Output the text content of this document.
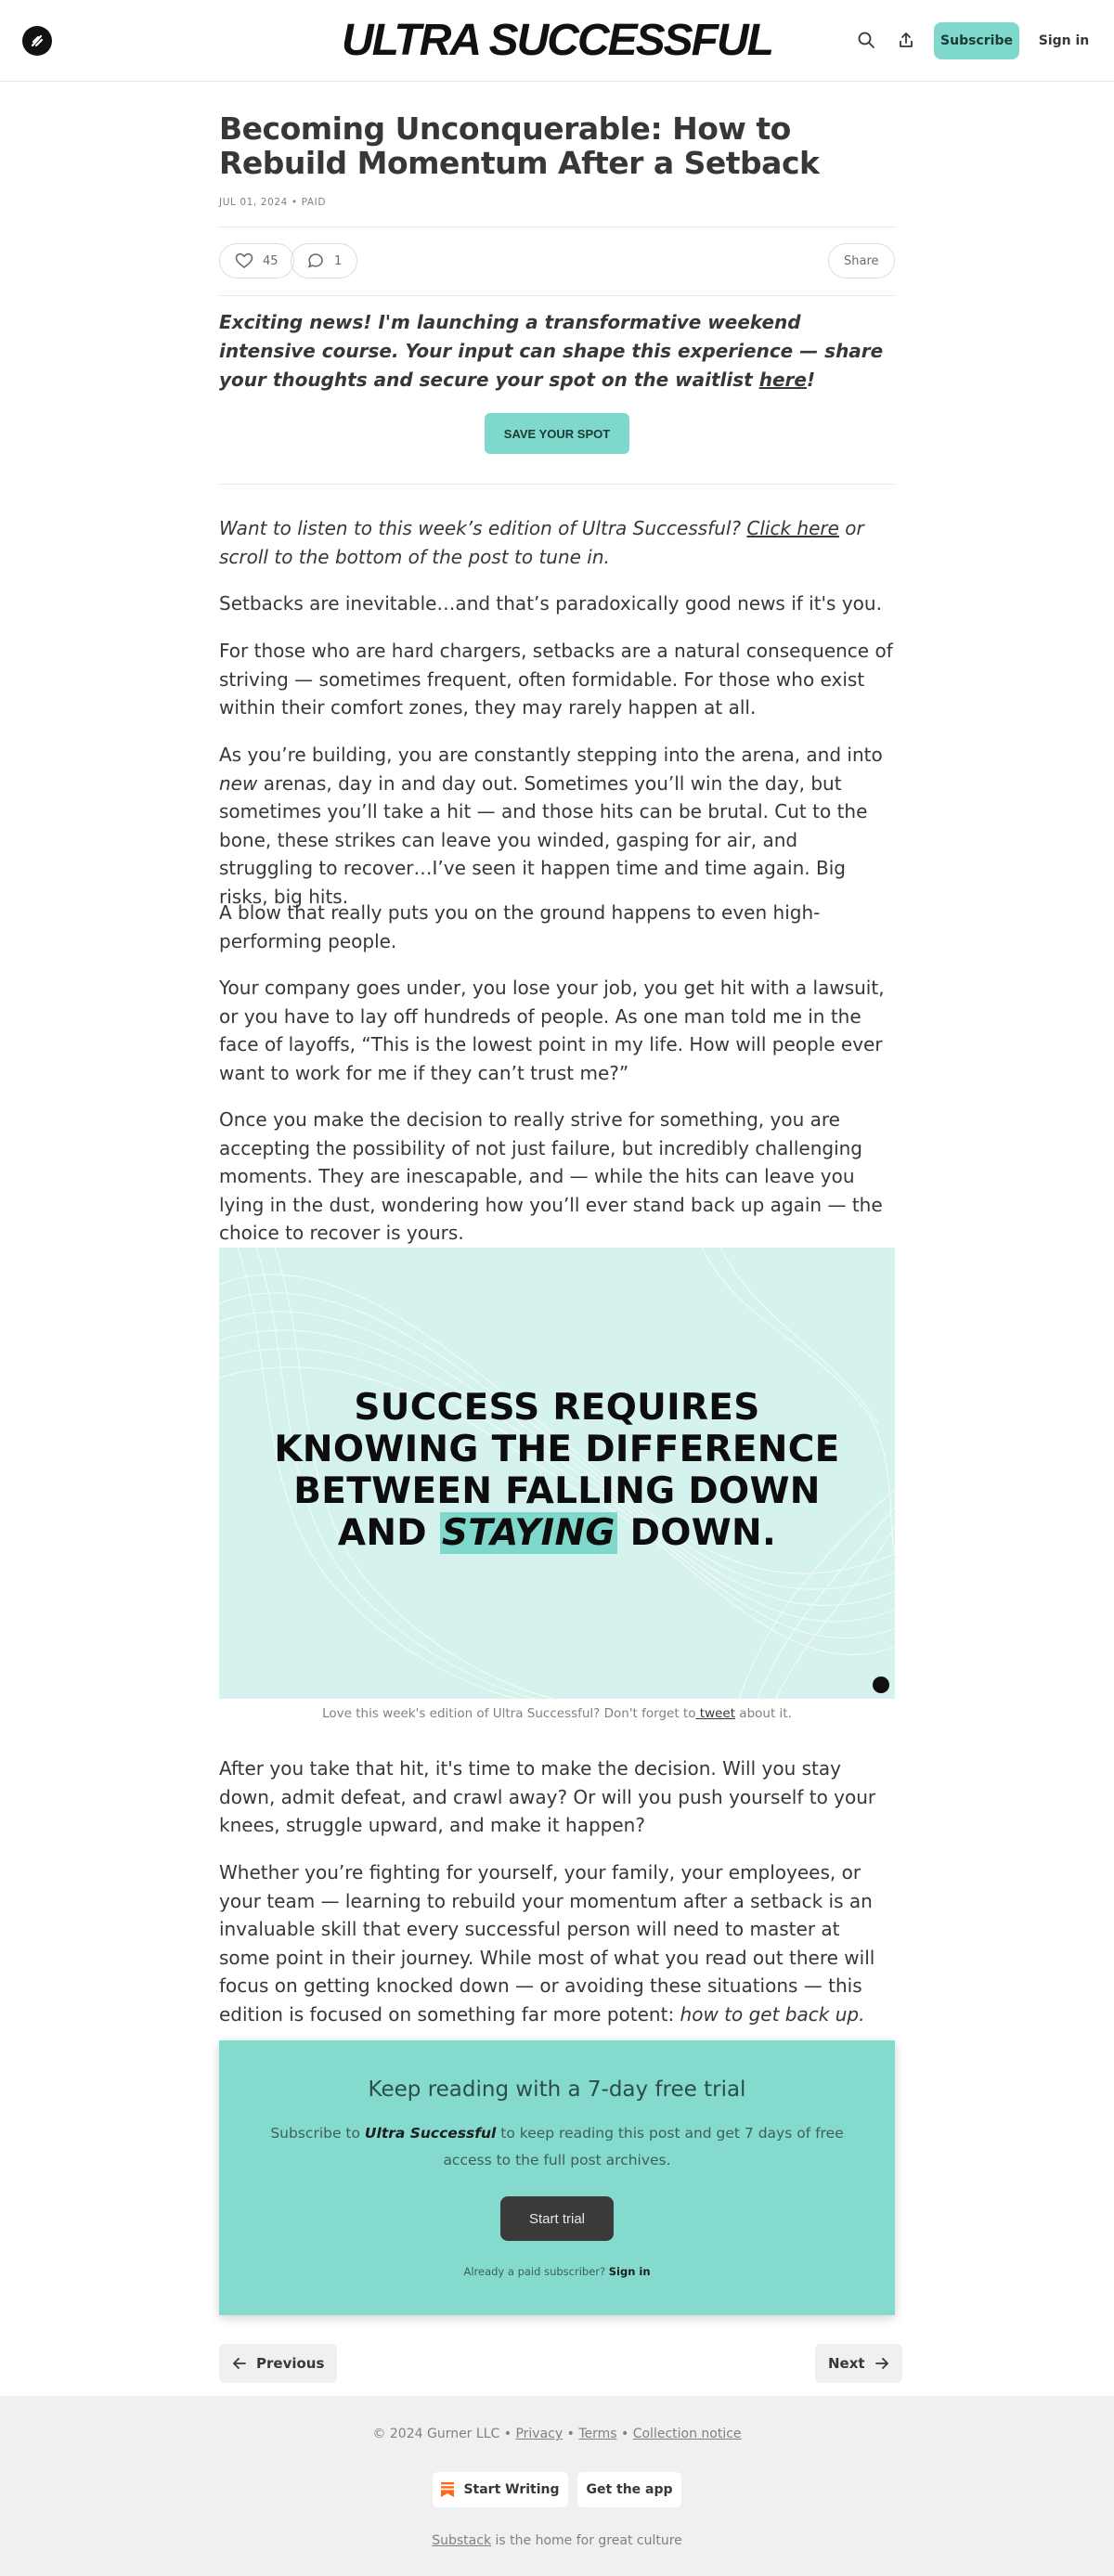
ULTRA SUCCESSFUL	Subscribe	Sign in
Becoming Unconquerable: How to Rebuild Momentum After a Setback
JUL 01, 2024 • PAID
45	1	Share
Exciting news! I'm launching a transformative weekend intensive course. Your input can shape this experience — share your thoughts and secure your spot on the waitlist here!
SAVE YOUR SPOT
Want to listen to this week’s edition of Ultra Successful? Click here or scroll to the bottom of the post to tune in.
Setbacks are inevitable…and that’s paradoxically good news if it's you.
For those who are hard chargers, setbacks are a natural consequence of striving — sometimes frequent, often formidable. For those who exist within their comfort zones, they may rarely happen at all.
As you’re building, you are constantly stepping into the arena, and into new arenas, day in and day out. Sometimes you’ll win the day, but sometimes you’ll take a hit — and those hits can be brutal. Cut to the bone, these strikes can leave you winded, gasping for air, and struggling to recover…I’ve seen it happen time and time again. Big risks, big hits.
A blow that really puts you on the ground happens to even high-performing people.
Your company goes under, you lose your job, you get hit with a lawsuit, or you have to lay off hundreds of people. As one man told me in the face of layoffs, “This is the lowest point in my life. How will people ever want to work for me if they can’t trust me?”
Once you make the decision to really strive for something, you are accepting the possibility of not just failure, but incredibly challenging moments. They are inescapable, and — while the hits can leave you lying in the dust, wondering how you’ll ever stand back up again — the choice to recover is yours.
SUCCESS REQUIRES
KNOWING THE DIFFERENCE
BETWEEN FALLING DOWN
AND STAYING DOWN.
Love this week's edition of Ultra Successful? Don't forget to tweet about it.
After you take that hit, it's time to make the decision. Will you stay down, admit defeat, and crawl away? Or will you push yourself to your knees, struggle upward, and make it happen?
Whether you’re fighting for yourself, your family, your employees, or your team — learning to rebuild your momentum after a setback is an invaluable skill that every successful person will need to master at some point in their journey. While most of what you read out there will focus on getting knocked down — or avoiding these situations — this edition is focused on something far more potent: how to get back up.
Keep reading with a 7-day free trial
Subscribe to Ultra Successful to keep reading this post and get 7 days of free access to the full post archives.
Start trial
Already a paid subscriber? Sign in
Previous	Next
© 2024 Gurner LLC • Privacy • Terms • Collection notice
Start Writing	Get the app
Substack is the home for great culture
